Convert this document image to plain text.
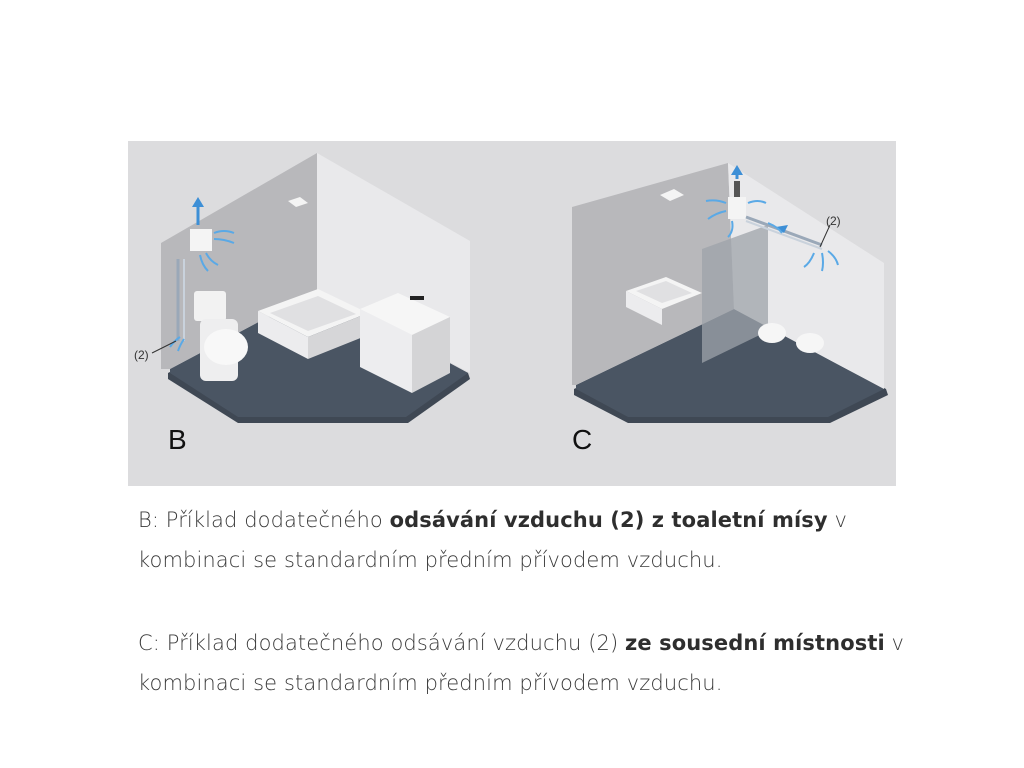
(2)
B
(2)
C
B: Příklad dodatečného odsávání vzduchu (2) z toaletní mísy v kombinaci se standardním předním přívodem vzduchu.
C: Příklad dodatečného odsávání vzduchu (2) ze sousední místnosti v kombinaci se standardním předním přívodem vzduchu.
